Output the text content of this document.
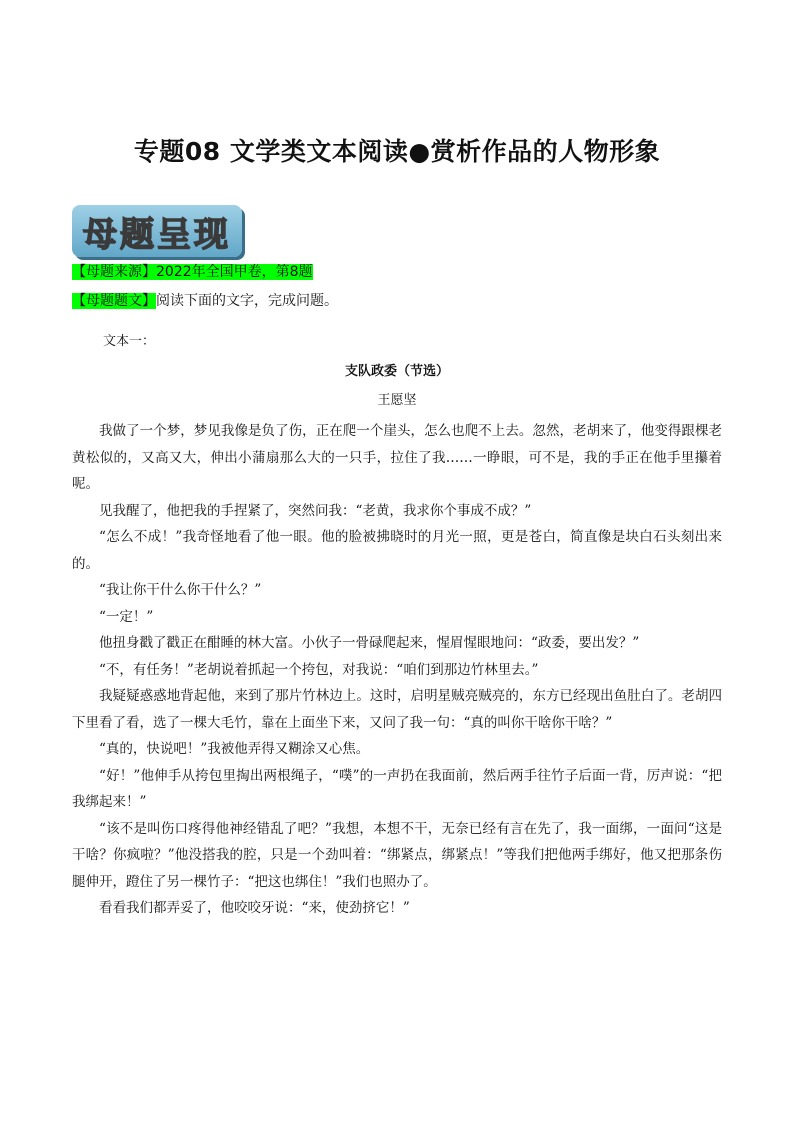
专题08 文学类文本阅读●赏析作品的人物形象
母题呈现
【母题来源】2022年全国甲卷，第8题
【母题题文】阅读下面的文字，完成问题。
文本一：
支队政委（节选）
王愿坚

我做了一个梦，梦见我像是负了伤，正在爬一个崖头，怎么也爬不上去。忽然，老胡来了，他变得跟棵老黄松似的，又高又大，伸出小蒲扇那么大的一只手，拉住了我……一睁眼，可不是，我的手正在他手里攥着呢。

见我醒了，他把我的手捏紧了，突然问我：“老黄，我求你个事成不成？”

“怎么不成！”我奇怪地看了他一眼。他的脸被拂晓时的月光一照，更是苍白，简直像是块白石头刻出来的。

“我让你干什么你干什么？”

“一定！”

他扭身戳了戳正在酣睡的林大富。小伙子一骨碌爬起来，惺眉惺眼地问：“政委，要出发？”

“不，有任务！”老胡说着抓起一个挎包，对我说：“咱们到那边竹林里去。”

我疑疑惑惑地背起他，来到了那片竹林边上。这时，启明星贼亮贼亮的，东方已经现出鱼肚白了。老胡四下里看了看，选了一棵大毛竹，靠在上面坐下来，又问了我一句：“真的叫你干啥你干啥？”

“真的，快说吧！”我被他弄得又糊涂又心焦。

“好！”他伸手从挎包里掏出两根绳子，“噗”的一声扔在我面前，然后两手往竹子后面一背，厉声说：“把我绑起来！”

“该不是叫伤口疼得他神经错乱了吧？”我想，本想不干，无奈已经有言在先了，我一面绑，一面问“这是干啥？你疯啦？”他没搭我的腔，只是一个劲叫着：“绑紧点，绑紧点！”等我们把他两手绑好，他又把那条伤腿伸开，蹬住了另一棵竹子：“把这也绑住！”我们也照办了。

看看我们都弄妥了，他咬咬牙说：“来，使劲挤它！”
